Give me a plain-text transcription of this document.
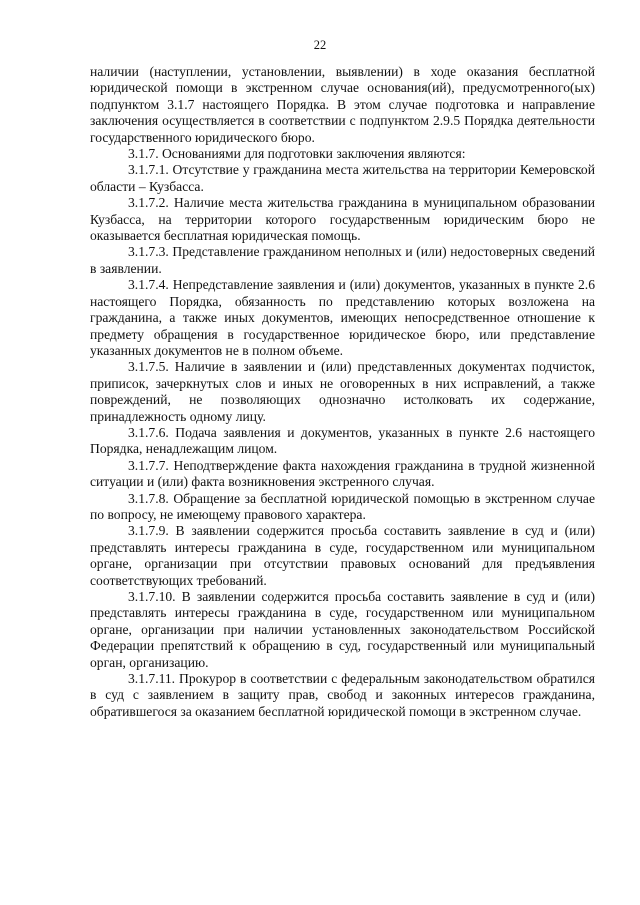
22

наличии (наступлении, установлении, выявлении) в ходе оказания бесплатной юридической помощи в экстренном случае основания(ий), предусмотренного(ых) подпунктом 3.1.7 настоящего Порядка. В этом случае подготовка и направление заключения осуществляется в соответствии с подпунктом 2.9.5 Порядка деятельности государственного юридического бюро.

3.1.7. Основаниями для подготовки заключения являются:

3.1.7.1. Отсутствие у гражданина места жительства на территории Кемеровской области – Кузбасса.

3.1.7.2. Наличие места жительства гражданина в муниципальном образовании Кузбасса, на территории которого государственным юридическим бюро не оказывается бесплатная юридическая помощь.

3.1.7.3. Представление гражданином неполных и (или) недостоверных сведений в заявлении.

3.1.7.4. Непредставление заявления и (или) документов, указанных в пункте 2.6 настоящего Порядка, обязанность по представлению которых возложена на гражданина, а также иных документов, имеющих непосредственное отношение к предмету обращения в государственное юридическое бюро, или представление указанных документов не в полном объеме.

3.1.7.5. Наличие в заявлении и (или) представленных документах подчисток, приписок, зачеркнутых слов и иных не оговоренных в них исправлений, а также повреждений, не позволяющих однозначно истолковать их содержание, принадлежность одному лицу.

3.1.7.6. Подача заявления и документов, указанных в пункте 2.6 настоящего Порядка, ненадлежащим лицом.

3.1.7.7. Неподтверждение факта нахождения гражданина в трудной жизненной ситуации и (или) факта возникновения экстренного случая.

3.1.7.8. Обращение за бесплатной юридической помощью в экстренном случае по вопросу, не имеющему правового характера.

3.1.7.9. В заявлении содержится просьба составить заявление в суд и (или) представлять интересы гражданина в суде, государственном или муниципальном органе, организации при отсутствии правовых оснований для предъявления соответствующих требований.

3.1.7.10. В заявлении содержится просьба составить заявление в суд и (или) представлять интересы гражданина в суде, государственном или муниципальном органе, организации при наличии установленных законодательством Российской Федерации препятствий к обращению в суд, государственный или муниципальный орган, организацию.

3.1.7.11. Прокурор в соответствии с федеральным законодательством обратился в суд с заявлением в защиту прав, свобод и законных интересов гражданина, обратившегося за оказанием бесплатной юридической помощи в экстренном случае.
